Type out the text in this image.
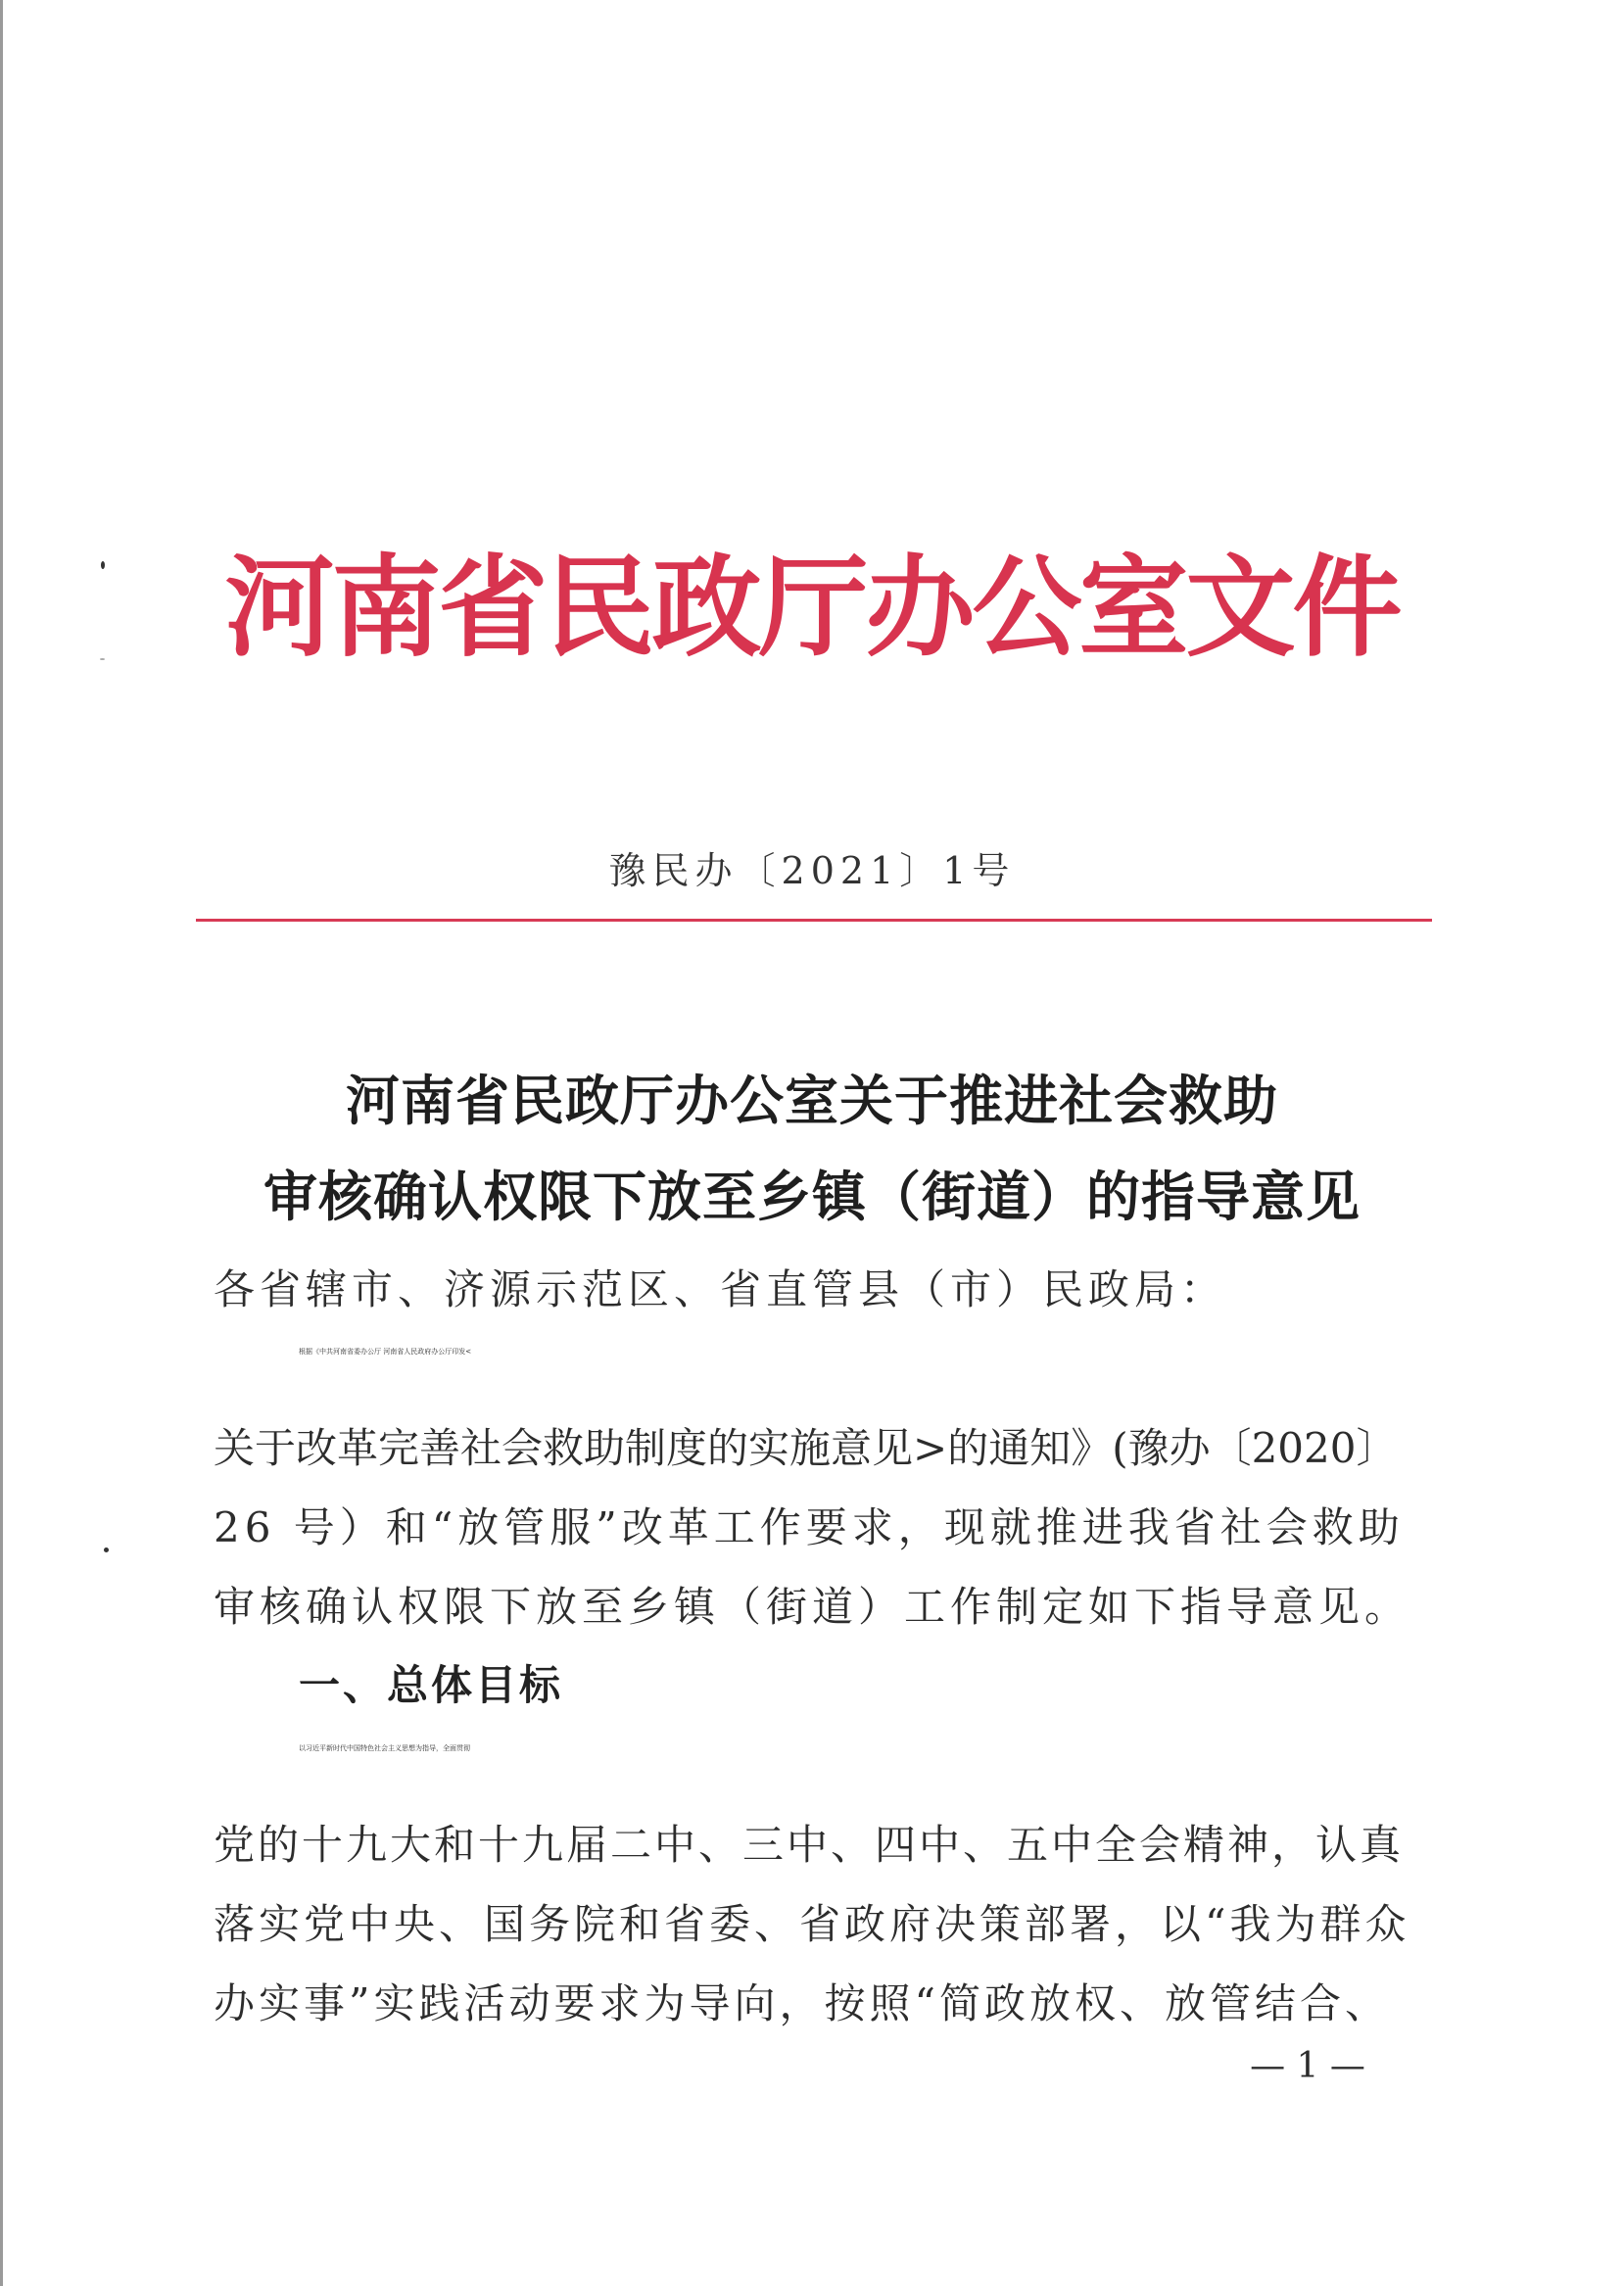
河南省民政厅办公室文件
豫民办〔2021〕1号
河南省民政厅办公室关于推进社会救助
审核确认权限下放至乡镇（街道）的指导意见
各省辖市、济源示范区、省直管县（市）民政局：
根据《中共河南省委办公厅 河南省人民政府办公厅印发<
关于改革完善社会救助制度的实施意见>的通知》(豫办〔2020〕
26 号）和“放管服”改革工作要求，现就推进我省社会救助
审核确认权限下放至乡镇（街道）工作制定如下指导意见。
一、总体目标
以习近平新时代中国特色社会主义思想为指导，全面贯彻
党的十九大和十九届二中、三中、四中、五中全会精神，认真
落实党中央、国务院和省委、省政府决策部署，以“我为群众
办实事”实践活动要求为导向，按照“简政放权、放管结合、
— 1 —
